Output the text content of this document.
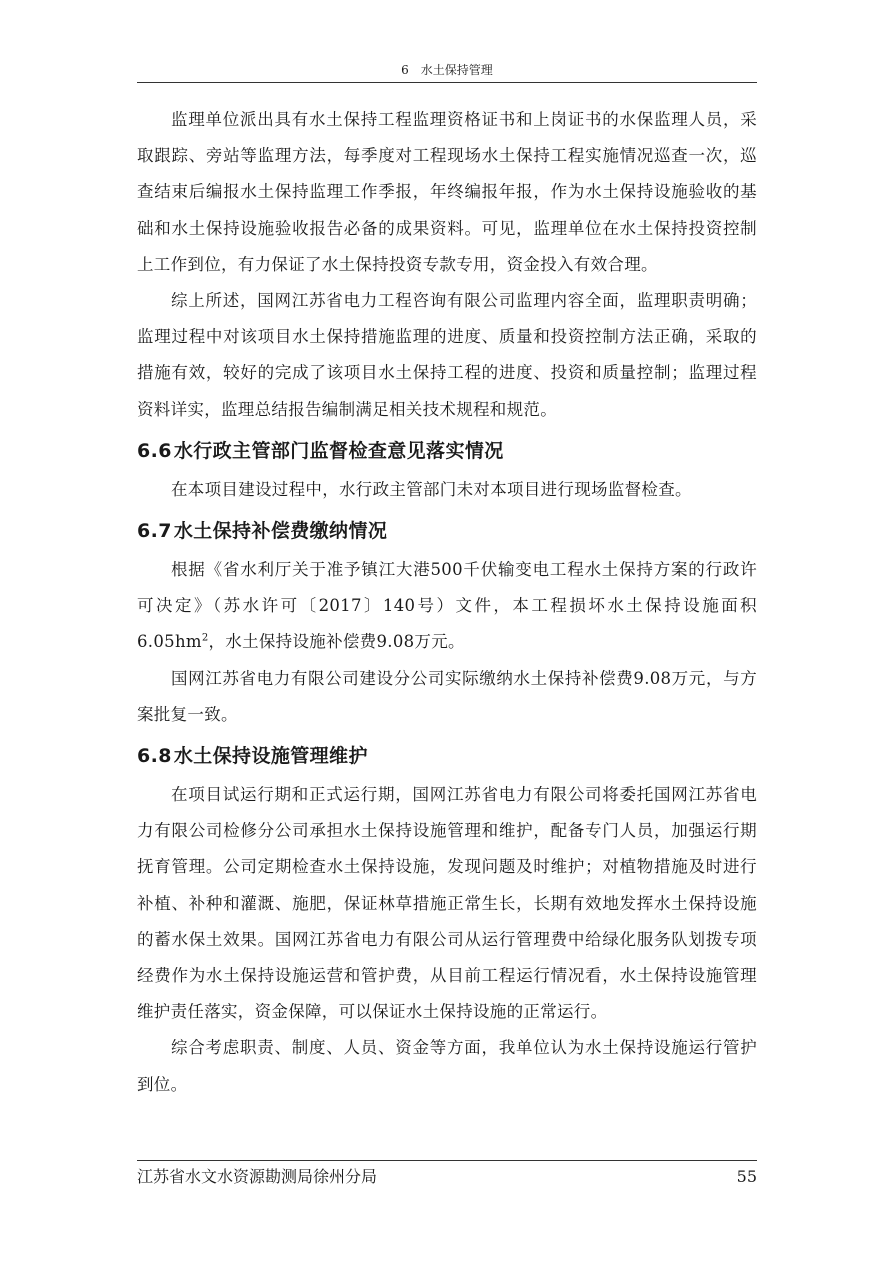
6　水土保持管理

监理单位派出具有水土保持工程监理资格证书和上岗证书的水保监理人员，采取跟踪、旁站等监理方法，每季度对工程现场水土保持工程实施情况巡查一次，巡查结束后编报水土保持监理工作季报，年终编报年报，作为水土保持设施验收的基础和水土保持设施验收报告必备的成果资料。可见，监理单位在水土保持投资控制上工作到位，有力保证了水土保持投资专款专用，资金投入有效合理。

综上所述，国网江苏省电力工程咨询有限公司监理内容全面，监理职责明确；监理过程中对该项目水土保持措施监理的进度、质量和投资控制方法正确，采取的措施有效，较好的完成了该项目水土保持工程的进度、投资和质量控制；监理过程资料详实，监理总结报告编制满足相关技术规程和规范。

6.6 水行政主管部门监督检查意见落实情况

在本项目建设过程中，水行政主管部门未对本项目进行现场监督检查。

6.7 水土保持补偿费缴纳情况

根据《省水利厅关于准予镇江大港500千伏输变电工程水土保持方案的行政许可决定》（苏水许可〔2017〕140号）文件，本工程损坏水土保持设施面积$6.05hm^2$，水土保持设施补偿费9.08万元。

国网江苏省电力有限公司建设分公司实际缴纳水土保持补偿费9.08万元，与方案批复一致。

6.8 水土保持设施管理维护

在项目试运行期和正式运行期，国网江苏省电力有限公司将委托国网江苏省电力有限公司检修分公司承担水土保持设施管理和维护，配备专门人员，加强运行期抚育管理。公司定期检查水土保持设施，发现问题及时维护；对植物措施及时进行补植、补种和灌溉、施肥，保证林草措施正常生长，长期有效地发挥水土保持设施的蓄水保土效果。国网江苏省电力有限公司从运行管理费中给绿化服务队划拨专项经费作为水土保持设施运营和管护费，从目前工程运行情况看，水土保持设施管理维护责任落实，资金保障，可以保证水土保持设施的正常运行。

综合考虑职责、制度、人员、资金等方面，我单位认为水土保持设施运行管护到位。

江苏省水文水资源勘测局徐州分局	55
